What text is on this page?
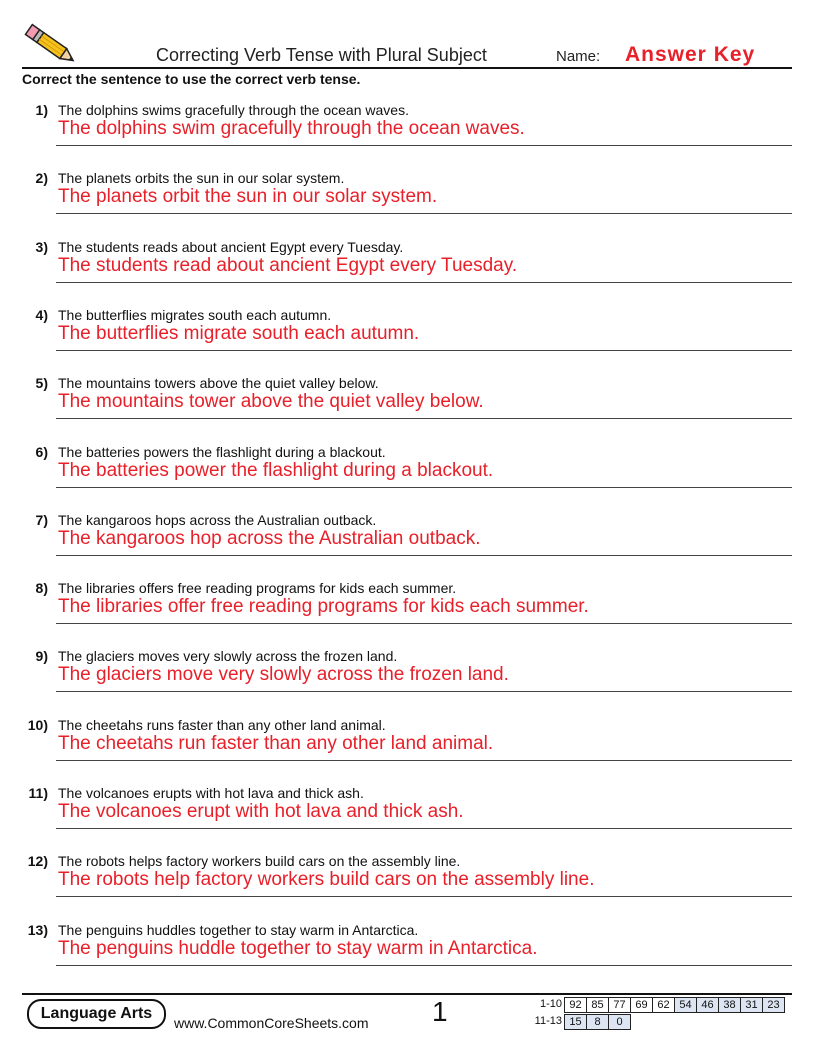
Correcting Verb Tense with Plural Subject	Name: Answer Key
Correct the sentence to use the correct verb tense.
1) The dolphins swims gracefully through the ocean waves.
The dolphins swim gracefully through the ocean waves.
2) The planets orbits the sun in our solar system.
The planets orbit the sun in our solar system.
3) The students reads about ancient Egypt every Tuesday.
The students read about ancient Egypt every Tuesday.
4) The butterflies migrates south each autumn.
The butterflies migrate south each autumn.
5) The mountains towers above the quiet valley below.
The mountains tower above the quiet valley below.
6) The batteries powers the flashlight during a blackout.
The batteries power the flashlight during a blackout.
7) The kangaroos hops across the Australian outback.
The kangaroos hop across the Australian outback.
8) The libraries offers free reading programs for kids each summer.
The libraries offer free reading programs for kids each summer.
9) The glaciers moves very slowly across the frozen land.
The glaciers move very slowly across the frozen land.
10) The cheetahs runs faster than any other land animal.
The cheetahs run faster than any other land animal.
11) The volcanoes erupts with hot lava and thick ash.
The volcanoes erupt with hot lava and thick ash.
12) The robots helps factory workers build cars on the assembly line.
The robots help factory workers build cars on the assembly line.
13) The penguins huddles together to stay warm in Antarctica.
The penguins huddle together to stay warm in Antarctica.
Language Arts
www.CommonCoreSheets.com 1	1-10 92	85	77	69	62	54	46	38	31	23
11-13 15	8	0
